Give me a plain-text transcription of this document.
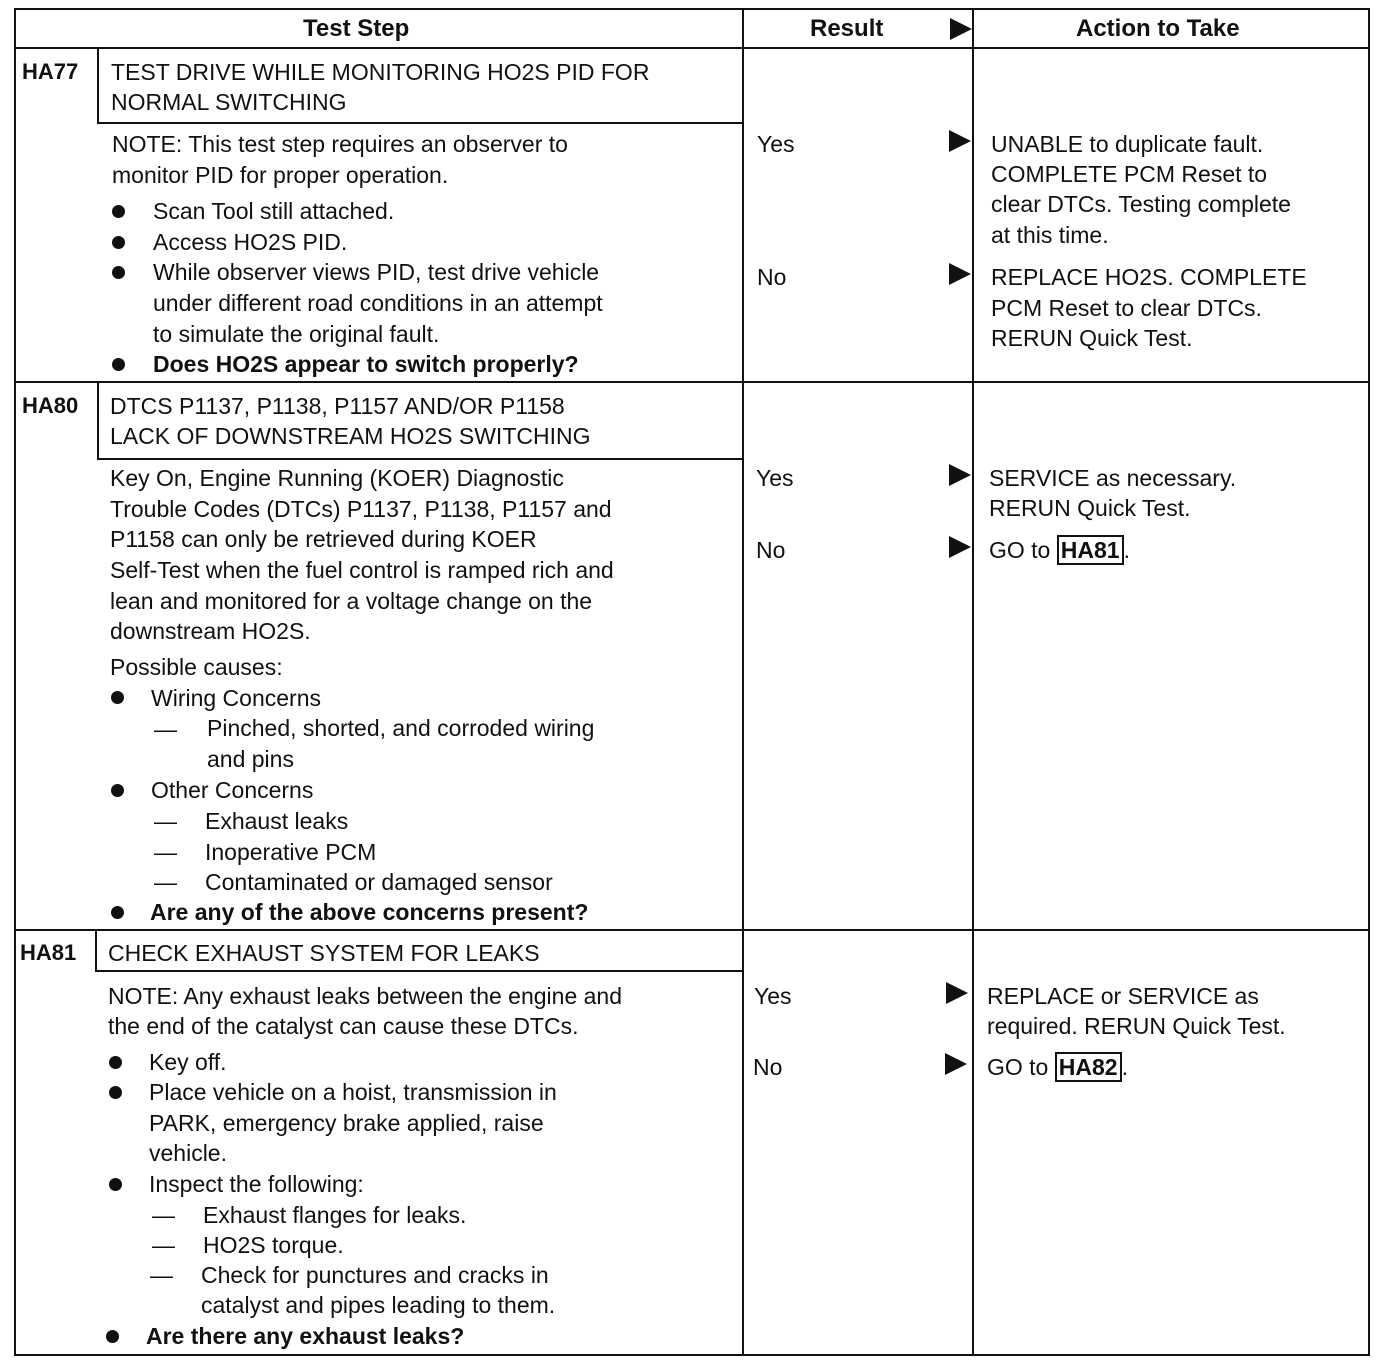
Test Step	Result	Action to Take
HA77 TEST DRIVE WHILE MONITORING HO2S PID FOR
NORMAL SWITCHING
NOTE: This test step requires an observer to
monitor PID for proper operation.
Scan Tool still attached.
Access HO2S PID.
While observer views PID, test drive vehicle
under different road conditions in an attempt
to simulate the original fault.
Does HO2S appear to switch properly?
Yes	UNABLE to duplicate fault.
COMPLETE PCM Reset to
clear DTCs. Testing complete
at this time.
No	REPLACE HO2S. COMPLETE
PCM Reset to clear DTCs.
RERUN Quick Test.
HA80 DTCS P1137, P1138, P1157 AND/OR P1158
LACK OF DOWNSTREAM HO2S SWITCHING
Key On, Engine Running (KOER) Diagnostic
Trouble Codes (DTCs) P1137, P1138, P1157 and
P1158 can only be retrieved during KOER
Self-Test when the fuel control is ramped rich and
lean and monitored for a voltage change on the
downstream HO2S.
Possible causes:
Wiring Concerns
— Pinched, shorted, and corroded wiring
and pins
Other Concerns
— Exhaust leaks
— Inoperative PCM
— Contaminated or damaged sensor
Are any of the above concerns present?
Yes	SERVICE as necessary.
RERUN Quick Test.
No	GO to HA81 .
HA81 CHECK EXHAUST SYSTEM FOR LEAKS
NOTE: Any exhaust leaks between the engine and
the end of the catalyst can cause these DTCs.
Key off.
Place vehicle on a hoist, transmission in
PARK, emergency brake applied, raise
vehicle.
Inspect the following:
— Exhaust flanges for leaks.
— HO2S torque.
— Check for punctures and cracks in
catalyst and pipes leading to them.
Are there any exhaust leaks?
Yes	REPLACE or SERVICE as
required. RERUN Quick Test.
No	GO to HA82 .
